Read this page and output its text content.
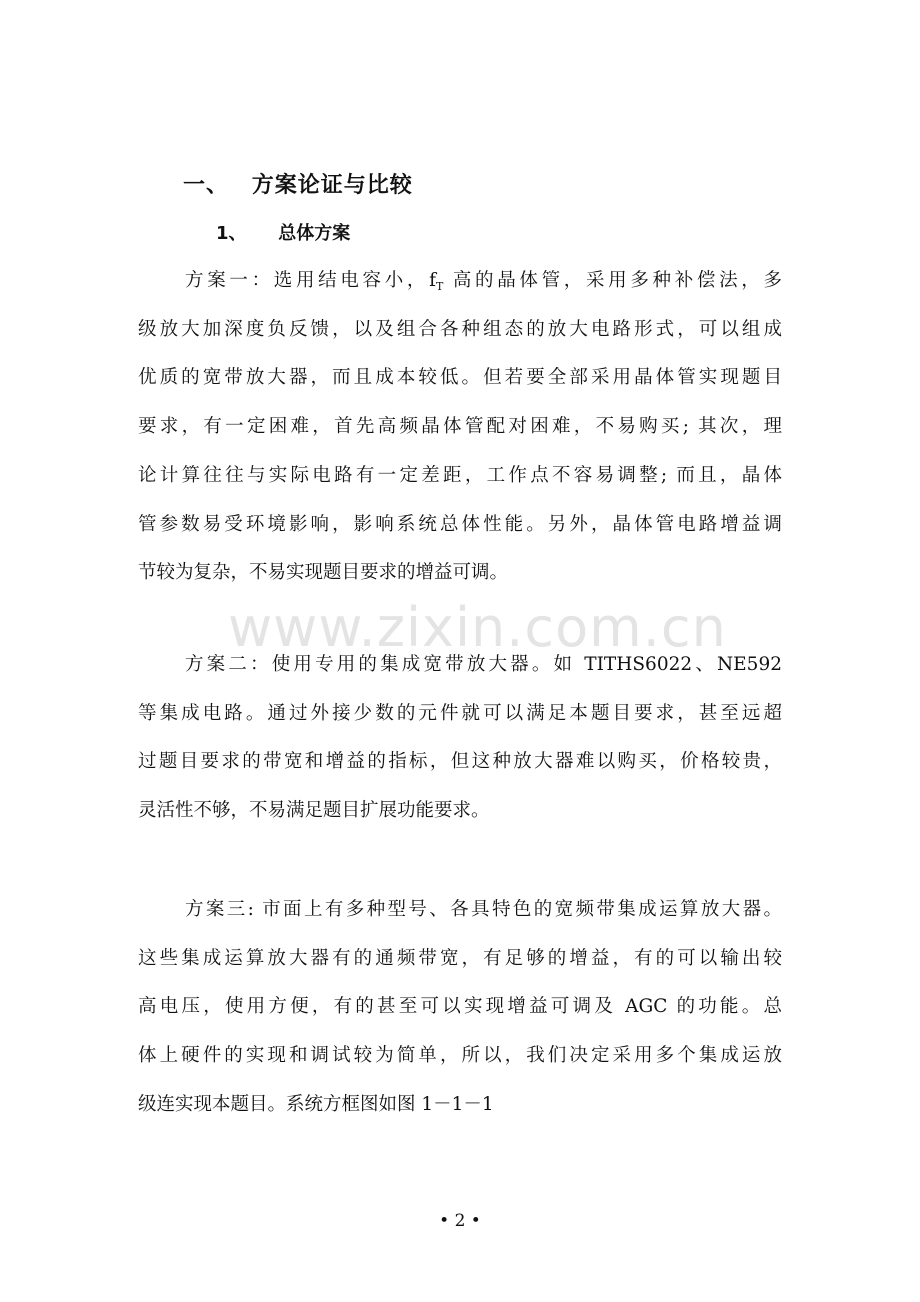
一、 方案论证与比较
1、 总体方案
方案一：选用结电容小，$f_T$ 高的晶体管，采用多种补偿法，多
级放大加深度负反馈，以及组合各种组态的放大电路形式，可以组成
优质的宽带放大器，而且成本较低。但若要全部采用晶体管实现题目
要求，有一定困难，首先高频晶体管配对困难，不易购买; 其次，理
论计算往往与实际电路有一定差距，工作点不容易调整; 而且，晶体
管参数易受环境影响，影响系统总体性能。另外，晶体管电路增益调
节较为复杂，不易实现题目要求的增益可调。
www.zixin.com.cn
方案二：使用专用的集成宽带放大器。如 TITHS6022、NE592
等集成电路。通过外接少数的元件就可以满足本题目要求，甚至远超
过题目要求的带宽和增益的指标，但这种放大器难以购买，价格较贵，
灵活性不够，不易满足题目扩展功能要求。
方案三: 市面上有多种型号、各具特色的宽频带集成运算放大器。
这些集成运算放大器有的通频带宽，有足够的增益，有的可以输出较
高电压，使用方便，有的甚至可以实现增益可调及 AGC 的功能。总
体上硬件的实现和调试较为简单，所以，我们决定采用多个集成运放
级连实现本题目。系统方框图如图 1－1－1
• 2 •
